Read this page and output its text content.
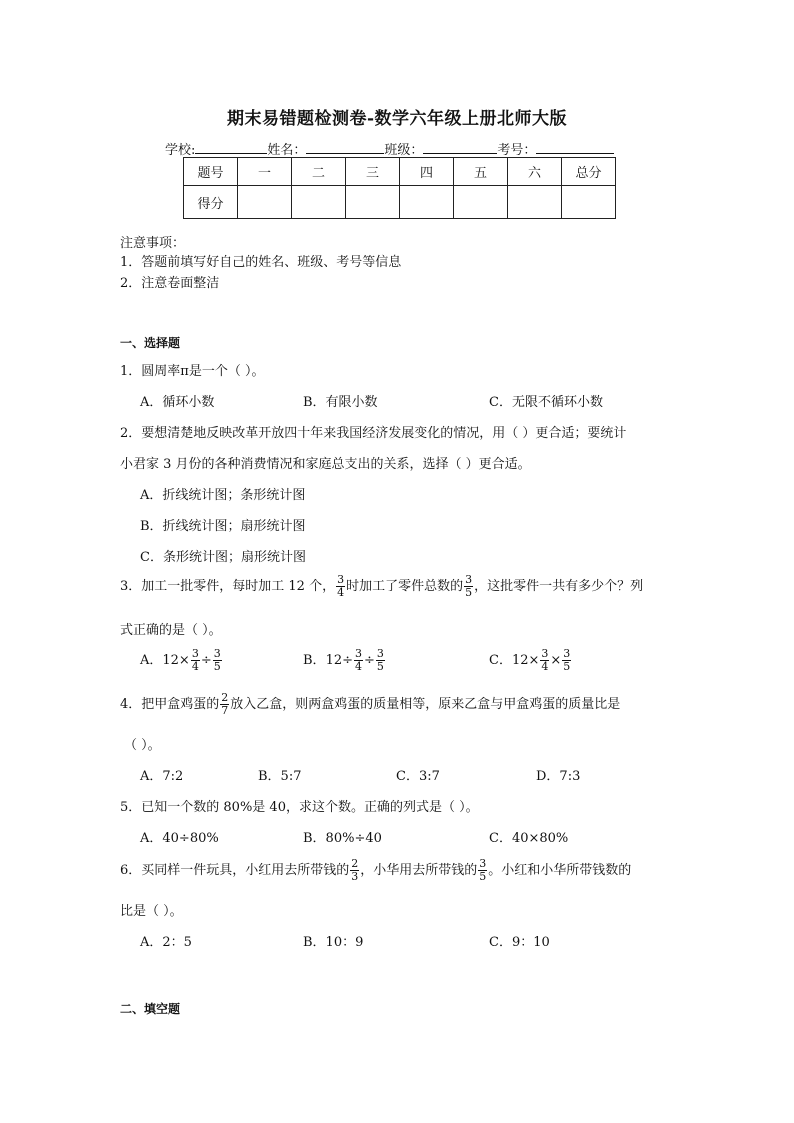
期末易错题检测卷-数学六年级上册北师大版
学校:	姓名：	班级：	考号：
题号	一	二	三	四	五	六	总分
得分							
注意事项：
1．答题前填写好自己的姓名、班级、考号等信息
2．注意卷面整洁
一、选择题
1．圆周率π是一个（ ）。
A．循环小数	B．有限小数	C．无限不循环小数
2．要想清楚地反映改革开放四十年来我国经济发展变化的情况，用（ ）更合适；要统计
小君家 3 月份的各种消费情况和家庭总支出的关系，选择（ ）更合适。
A．折线统计图；条形统计图
B．折线统计图；扇形统计图
C．条形统计图；扇形统计图
3．加工一批零件，每时加工 12 个， $\frac{3}{4}$ 时加工了零件总数的 $\frac{3}{5}$ ，这批零件一共有多少个？列
式正确的是（ ）。
A．$12\times \frac{3}{4} \div \frac{3}{5}$	B．$12\div \frac{3}{4} \div \frac{3}{5}$	C．$12\times \frac{3}{4} \times \frac{3}{5}$
4．把甲盒鸡蛋的 $\frac{2}{7}$ 放入乙盒，则两盒鸡蛋的质量相等，原来乙盒与甲盒鸡蛋的质量比是
（ ）。
A．7:2	B．5:7	C．3:7	D．7:3
5．已知一个数的 80%是 40，求这个数。正确的列式是（ ）。
A．40÷80%	B．80%÷40	C．40×80%
6．买同样一件玩具，小红用去所带钱的 $\frac{2}{3}$ ，小华用去所带钱的 $\frac{3}{5}$ 。小红和小华所带钱数的
比是（ ）。
A．2：5	B．10：9	C．9：10
二、填空题
